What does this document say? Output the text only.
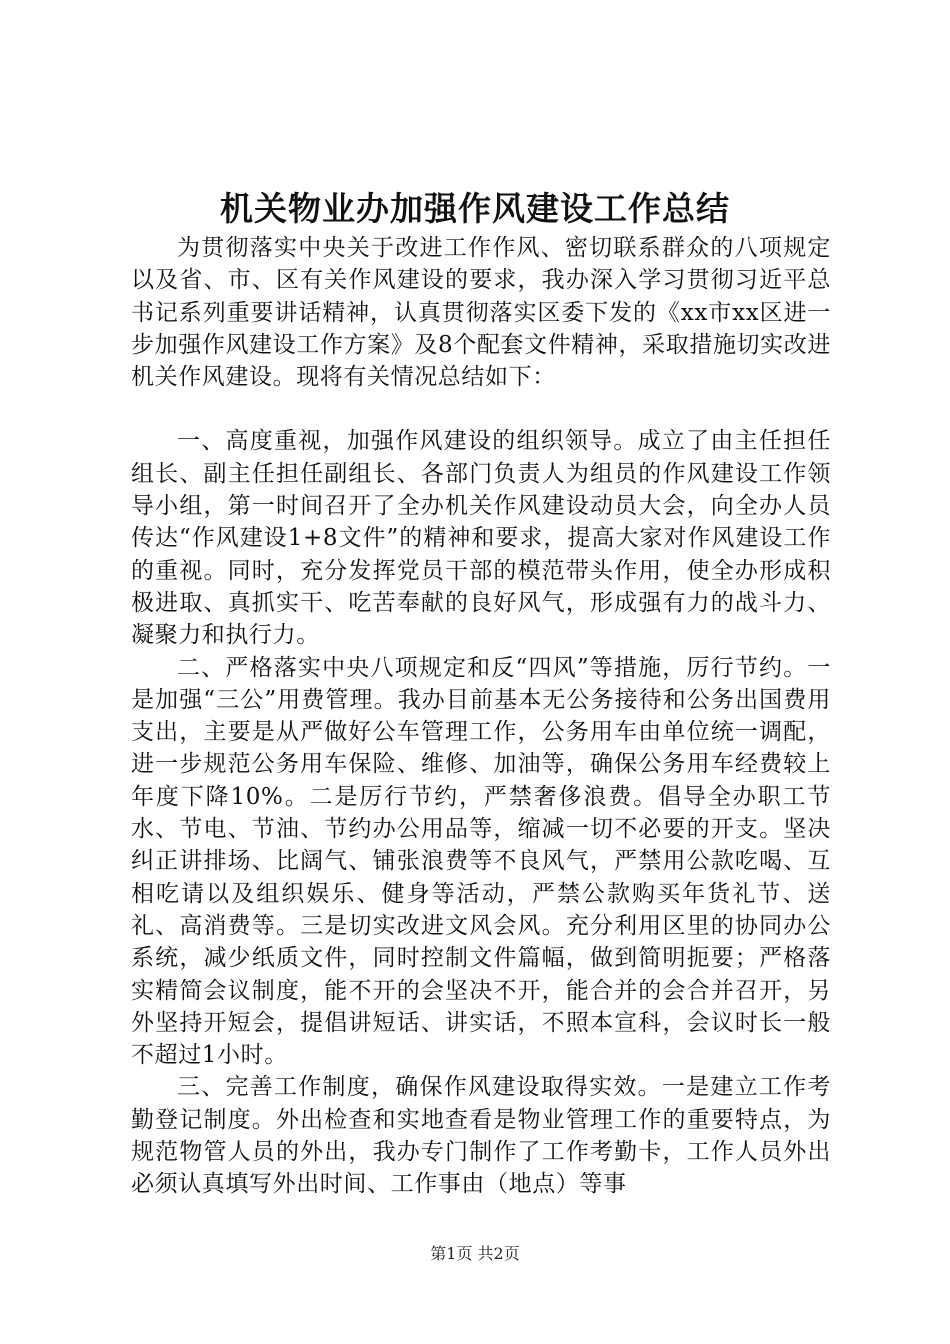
机关物业办加强作风建设工作总结

为贯彻落实中央关于改进工作作风、密切联系群众的八项规定以及省、市、区有关作风建设的要求，我办深入学习贯彻习近平总书记系列重要讲话精神，认真贯彻落实区委下发的《xx市xx区进一步加强作风建设工作方案》及8个配套文件精神，采取措施切实改进机关作风建设。现将有关情况总结如下：

一、高度重视，加强作风建设的组织领导。成立了由主任担任组长、副主任担任副组长、各部门负责人为组员的作风建设工作领导小组，第一时间召开了全办机关作风建设动员大会，向全办人员传达“作风建设1+8文件”的精神和要求，提高大家对作风建设工作的重视。同时，充分发挥党员干部的模范带头作用，使全办形成积极进取、真抓实干、吃苦奉献的良好风气，形成强有力的战斗力、凝聚力和执行力。

二、严格落实中央八项规定和反“四风”等措施，厉行节约。一是加强“三公”用费管理。我办目前基本无公务接待和公务出国费用支出，主要是从严做好公车管理工作，公务用车由单位统一调配，进一步规范公务用车保险、维修、加油等，确保公务用车经费较上年度下降10%。二是厉行节约，严禁奢侈浪费。倡导全办职工节水、节电、节油、节约办公用品等，缩减一切不必要的开支。坚决纠正讲排场、比阔气、铺张浪费等不良风气，严禁用公款吃喝、互相吃请以及组织娱乐、健身等活动，严禁公款购买年货礼节、送礼、高消费等。三是切实改进文风会风。充分利用区里的协同办公系统，减少纸质文件，同时控制文件篇幅，做到简明扼要；严格落实精简会议制度，能不开的会坚决不开，能合并的会合并召开，另外坚持开短会，提倡讲短话、讲实话，不照本宣科，会议时长一般不超过1小时。

三、完善工作制度，确保作风建设取得实效。一是建立工作考勤登记制度。外出检查和实地查看是物业管理工作的重要特点，为规范物管人员的外出，我办专门制作了工作考勤卡，工作人员外出必须认真填写外出时间、工作事由（地点）等事

第1页 共2页
